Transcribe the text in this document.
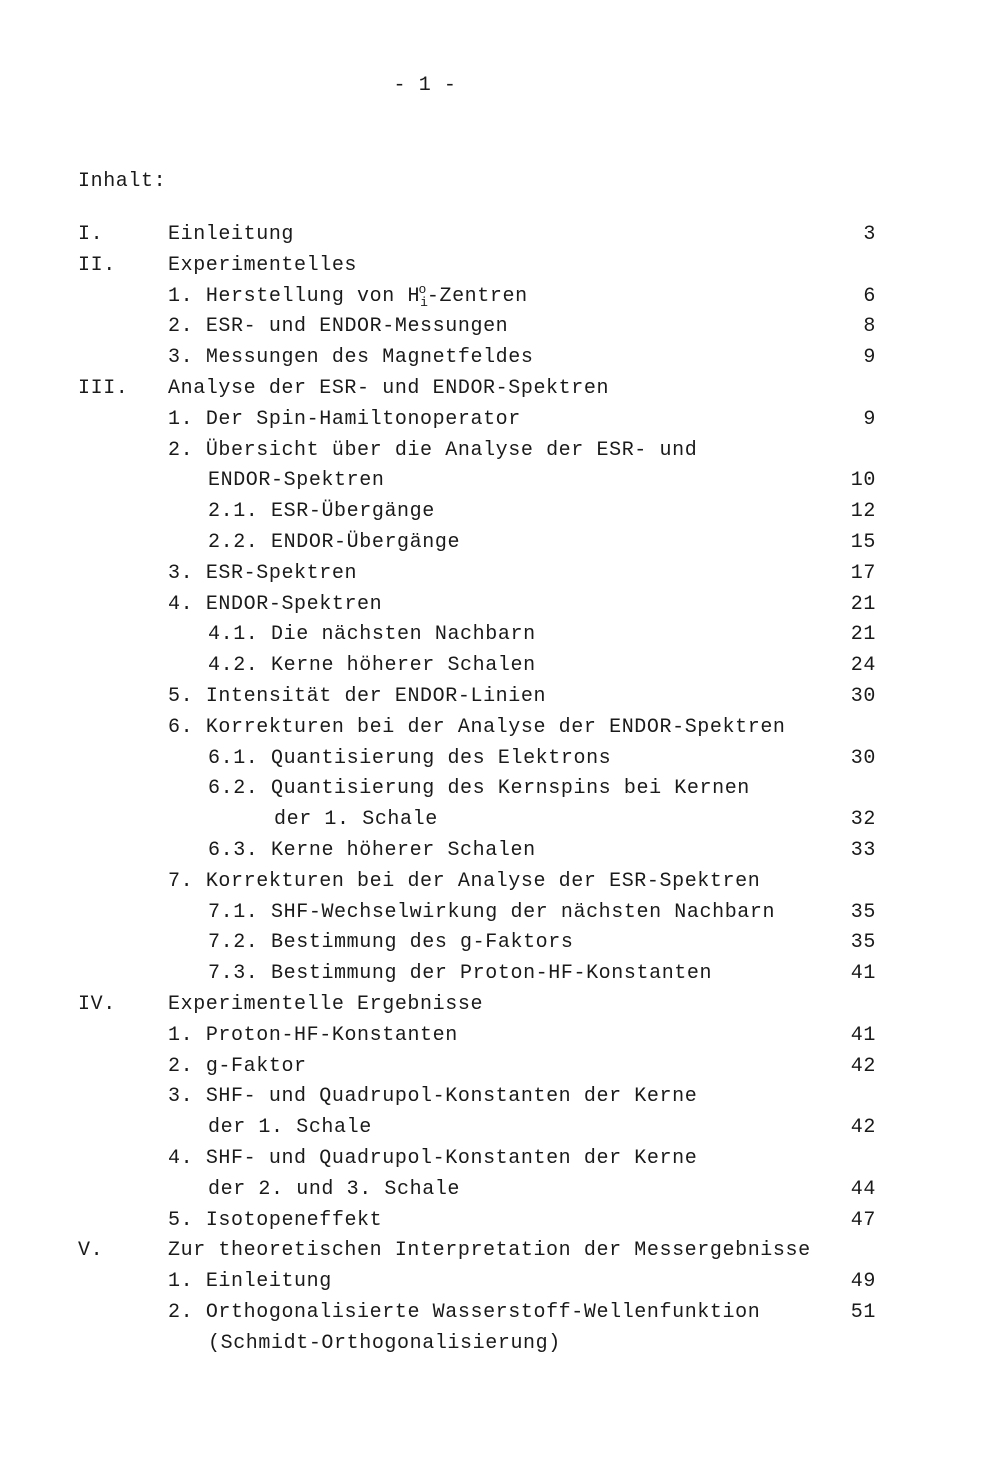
- 1 -
Inhalt:
I.	Einleitung	3
II.	Experimentelles
1. Herstellung von $H_i^o$-Zentren	6
2. ESR- und ENDOR-Messungen	8
3. Messungen des Magnetfeldes	9
III. Analyse der ESR- und ENDOR-Spektren
1. Der Spin-Hamiltonoperator	9
2. Übersicht über die Analyse der ESR- und
ENDOR-Spektren	10
2.1. ESR-Übergänge	12
2.2. ENDOR-Übergänge	15
3. ESR-Spektren	17
4. ENDOR-Spektren	21
4.1. Die nächsten Nachbarn	21
4.2. Kerne höherer Schalen	24
5. Intensität der ENDOR-Linien	30
6. Korrekturen bei der Analyse der ENDOR-Spektren
6.1. Quantisierung des Elektrons	30
6.2. Quantisierung des Kernspins bei Kernen
der 1. Schale	32
6.3. Kerne höherer Schalen	33
7. Korrekturen bei der Analyse der ESR-Spektren
7.1. SHF-Wechselwirkung der nächsten Nachbarn	35
7.2. Bestimmung des g-Faktors	35
7.3. Bestimmung der Proton-HF-Konstanten	41
IV.	Experimentelle Ergebnisse
1. Proton-HF-Konstanten	41
2. g-Faktor	42
3. SHF- und Quadrupol-Konstanten der Kerne
der 1. Schale	42
4. SHF- und Quadrupol-Konstanten der Kerne
der 2. und 3. Schale	44
5. Isotopeneffekt	47
V.	Zur theoretischen Interpretation der Messergebnisse
1. Einleitung	49
2. Orthogonalisierte Wasserstoff-Wellenfunktion	51
(Schmidt-Orthogonalisierung)
